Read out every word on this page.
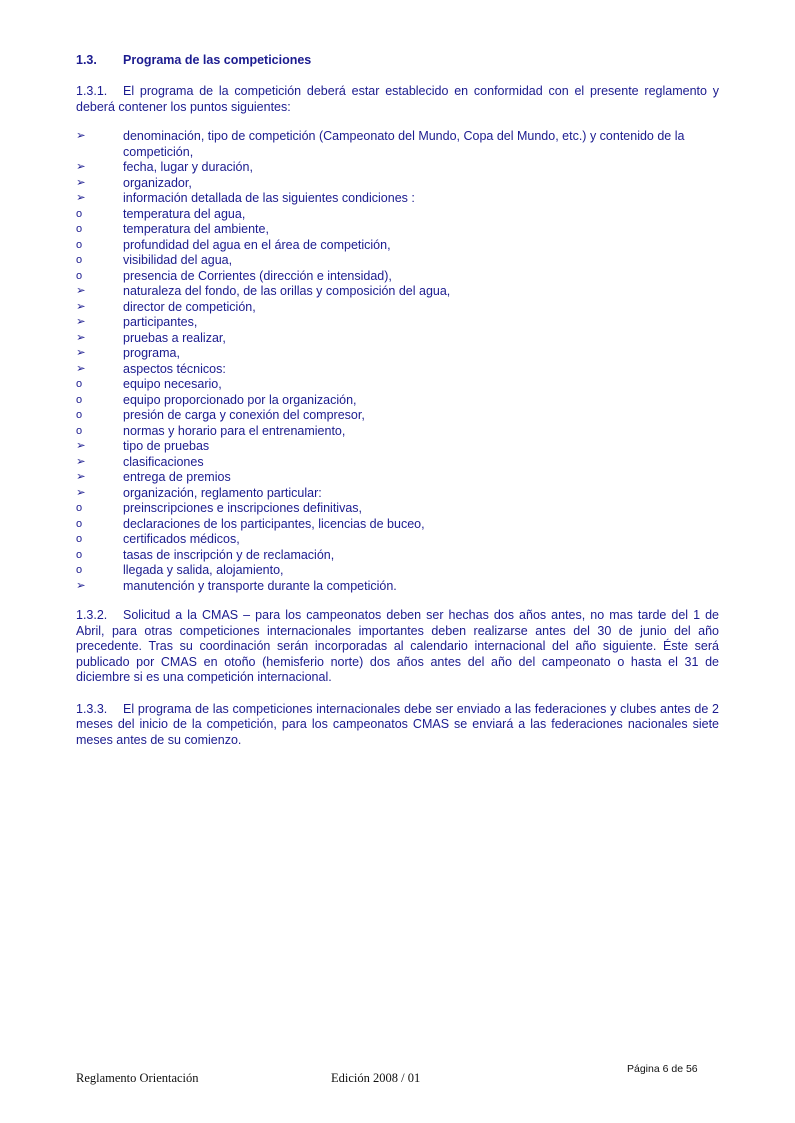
1.3.	Programa de las competiciones

1.3.1. El programa de la competición deberá estar establecido en conformidad con el presente reglamento y deberá contener los puntos siguientes:

➢	denominación, tipo de competición (Campeonato del Mundo, Copa del Mundo, etc.) y contenido de la competición,
➢	fecha, lugar y duración,
➢	organizador,
➢	información detallada de las siguientes condiciones :
o	temperatura del agua,
o	temperatura del ambiente,
o	profundidad del agua en el área de competición,
o	visibilidad del agua,
o	presencia de Corrientes (dirección e intensidad),
➢	naturaleza del fondo, de las orillas y composición del agua,
➢	director de competición,
➢	participantes,
➢	pruebas a realizar,
➢	programa,
➢	aspectos técnicos:
o	equipo necesario,
o	equipo proporcionado por la organización,
o	presión de carga y conexión del compresor,
o	normas y horario para el entrenamiento,
➢	tipo de pruebas
➢	clasificaciones
➢	entrega de premios
➢	organización, reglamento particular:
o	preinscripciones e inscripciones definitivas,
o	declaraciones de los participantes, licencias de buceo,
o	certificados médicos,
o	tasas de inscripción y de reclamación,
o	llegada y salida, alojamiento,
➢	manutención y transporte durante la competición.

1.3.2. Solicitud a la CMAS – para los campeonatos deben ser hechas dos años antes, no mas tarde del 1 de Abril, para otras competiciones internacionales importantes deben realizarse antes del 30 de junio del año precedente. Tras su coordinación serán incorporadas al calendario internacional del año siguiente. Éste será publicado por CMAS en otoño (hemisferio norte) dos años antes del año del campeonato o hasta el 31 de diciembre si es una competición internacional.

1.3.3. El programa de las competiciones internacionales debe ser enviado a las federaciones y clubes antes de 2 meses del inicio de la competición, para los campeonatos CMAS se enviará a las federaciones nacionales siete meses antes de su comienzo.

Página 6 de 56
Reglamento Orientación	Edición 2008 / 01
